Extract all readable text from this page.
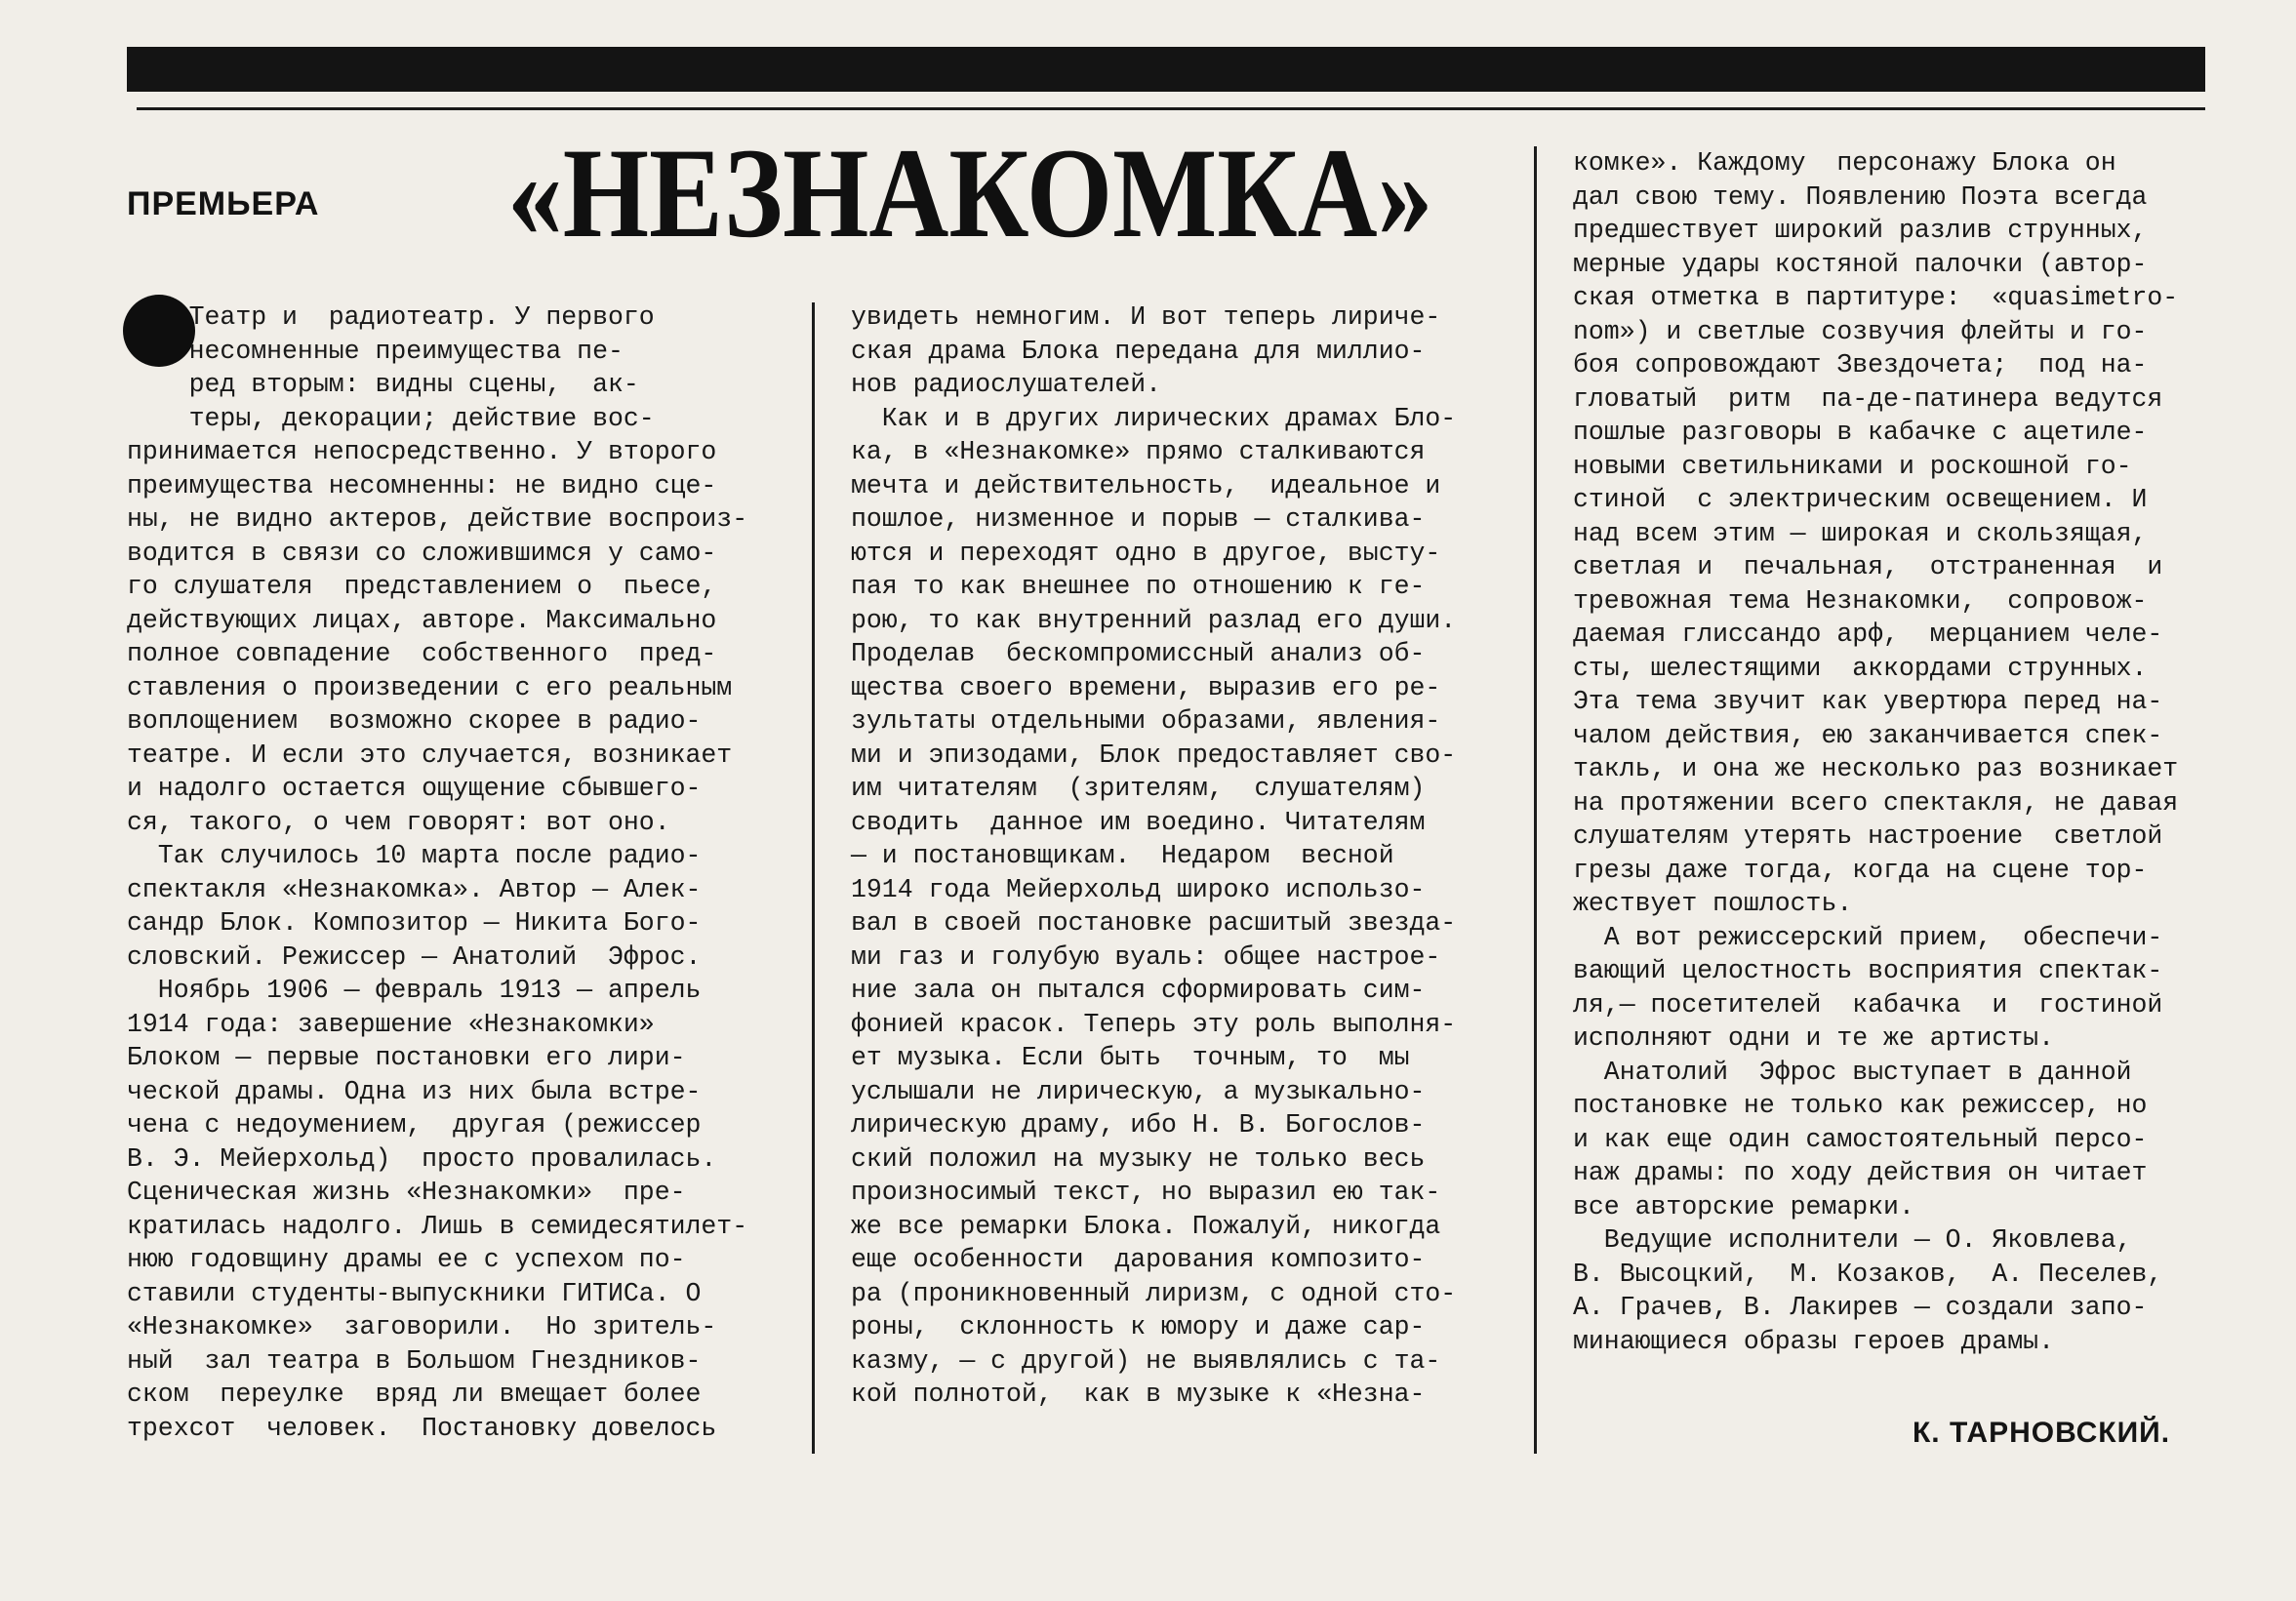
ПРЕМЬЕРА «НЕЗНАКОМКА»

Театр и  радиотеатр. У первого

несомненные преимущества пе-

ред вторым: видны сцены,  ак-

теры, декорации; действие вос-

принимается непосредственно. У второго

преимущества несомненны: не видно сце-

ны, не видно актеров, действие воспроиз-

водится в связи со сложившимся у само-

го слушателя  представлением о  пьесе,

действующих лицах, авторе. Максимально

полное совпадение  собственного  пред-

ставления о произведении с его реальным

воплощением  возможно скорее в радио-

театре. И если это случается, возникает

и надолго остается ощущение сбывшего-

ся, такого, о чем говорят: вот оно.

Так случилось 10 марта после радио-

спектакля «Незнакомка». Автор — Алек-

сандр Блок. Композитор — Никита Бого-

словский. Режиссер — Анатолий  Эфрос.

Ноябрь 1906 — февраль 1913 — апрель

1914 года: завершение «Незнакомки»

Блоком — первые постановки его лири-

ческой драмы. Одна из них была встре-

чена с недоумением,  другая (режиссер

В. Э. Мейерхольд)  просто провалилась.

Сценическая жизнь «Незнакомки»  пре-

кратилась надолго. Лишь в семидесятилет-

нюю годовщину драмы ее с успехом по-

ставили студенты-выпускники ГИТИСа. О

«Незнакомке»  заговорили.  Но зритель-

ный  зал театра в Большом Гнездников-

ском  переулке  вряд ли вмещает более

трехсот  человек.  Постановку довелось

увидеть немногим. И вот теперь лириче-

ская драма Блока передана для миллио-

нов радиослушателей.

Как и в других лирических драмах Бло-

ка, в «Незнакомке» прямо сталкиваются

мечта и действительность,  идеальное и

пошлое, низменное и порыв — сталкива-

ются и переходят одно в другое, высту-

пая то как внешнее по отношению к ге-

рою, то как внутренний разлад его души.

Проделав  бескомпромиссный анализ об-

щества своего времени, выразив его ре-

зультаты отдельными образами, явления-

ми и эпизодами, Блок предоставляет сво-

им читателям  (зрителям,  слушателям)

сводить  данное им воедино. Читателям

— и постановщикам.  Недаром  весной

1914 года Мейерхольд широко использо-

вал в своей постановке расшитый звезда-

ми газ и голубую вуаль: общее настрое-

ние зала он пытался сформировать сим-

фонией красок. Теперь эту роль выполня-

ет музыка. Если быть  точным, то  мы

услышали не лирическую, а музыкально-

лирическую драму, ибо Н. В. Богослов-

ский положил на музыку не только весь

произносимый текст, но выразил ею так-

же все ремарки Блока. Пожалуй, никогда

еще особенности  дарования композито-

ра (проникновенный лиризм, с одной сто-

роны,  склонность к юмору и даже сар-

казму, — с другой) не выявлялись с та-

кой полнотой,  как в музыке к «Незна-

комке». Каждому  персонажу Блока он

дал свою тему. Появлению Поэта всегда

предшествует широкий разлив струнных,

мерные удары костяной палочки (автор-

ская отметка в партитуре:  «quasimetro-

nom») и светлые созвучия флейты и го-

боя сопровождают Звездочета;  под на-

гловатый  ритм  па-де-патинера ведутся

пошлые разговоры в кабачке с ацетиле-

новыми светильниками и роскошной го-

стиной  с электрическим освещением. И

над всем этим — широкая и скользящая,

светлая и  печальная,  отстраненная  и

тревожная тема Незнакомки,  сопровож-

даемая глиссандо арф,  мерцанием челе-

сты, шелестящими  аккордами струнных.

Эта тема звучит как увертюра перед на-

чалом действия, ею заканчивается спек-

такль, и она же несколько раз возникает

на протяжении всего спектакля, не давая

слушателям утерять настроение  светлой

грезы даже тогда, когда на сцене тор-

жествует пошлость.

А вот режиссерский прием,  обеспечи-

вающий целостность восприятия спектак-

ля,— посетителей  кабачка  и  гостиной

исполняют одни и те же артисты.

Анатолий  Эфрос выступает в данной

постановке не только как режиссер, но

и как еще один самостоятельный персо-

наж драмы: по ходу действия он читает

все авторские ремарки.

Ведущие исполнители — О. Яковлева,

В. Высоцкий,  М. Козаков,  А. Песелев,

А. Грачев, В. Лакирев — создали запо-

минающиеся образы героев драмы.

К. ТАРНОВСКИЙ.
